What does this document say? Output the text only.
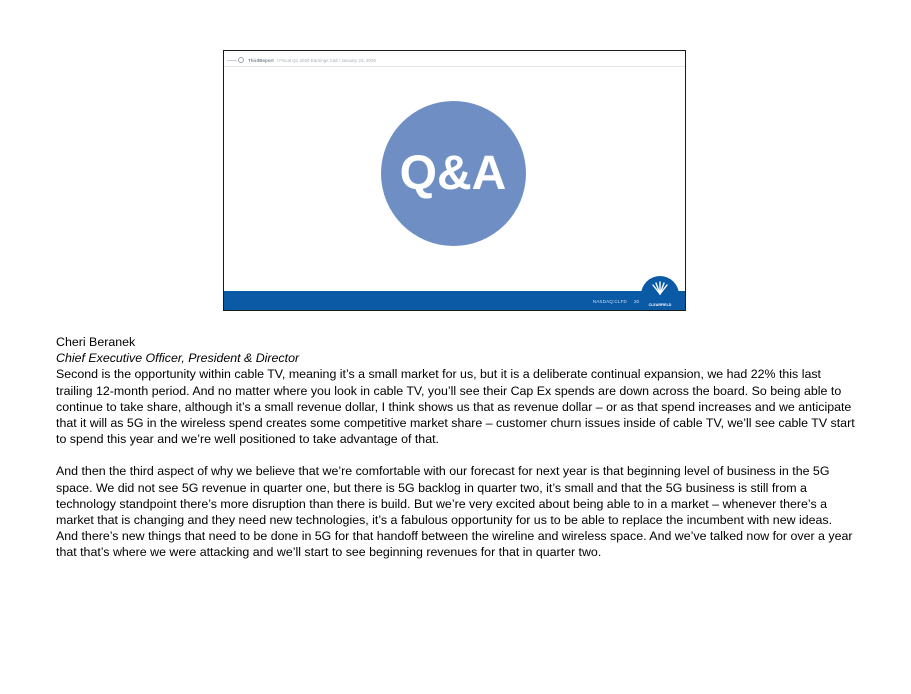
ThirdBeport / Fiscal Q1 2020 Earnings Call / January 23, 2020
Q&A
NASDAQ:CLFD 20
CLEARFIELD

Cheri Beranek

Chief Executive Officer, President & Director

Second is the opportunity within cable TV, meaning it’s a small market for us, but it is a deliberate continual expansion, we had 22% this last trailing 12-month period. And no matter where you look in cable TV, you’ll see their Cap Ex spends are down across the board. So being able to continue to take share, although it’s a small revenue dollar, I think shows us that as revenue dollar – or as that spend increases and we anticipate that it will as 5G in the wireless spend creates some competitive market share – customer churn issues inside of cable TV, we’ll see cable TV start to spend this year and we’re well positioned to take advantage of that.

And then the third aspect of why we believe that we’re comfortable with our forecast for next year is that beginning level of business in the 5G space. We did not see 5G revenue in quarter one, but there is 5G backlog in quarter two, it’s small and that the 5G business is still from a technology standpoint there’s more disruption than there is build. But we’re very excited about being able to in a market – whenever there’s a market that is changing and they need new technologies, it’s a fabulous opportunity for us to be able to replace the incumbent with new ideas. And there’s new things that need to be done in 5G for that handoff between the wireline and wireless space. And we’ve talked now for over a year that that’s where we were attacking and we’ll start to see beginning revenues for that in quarter two.
